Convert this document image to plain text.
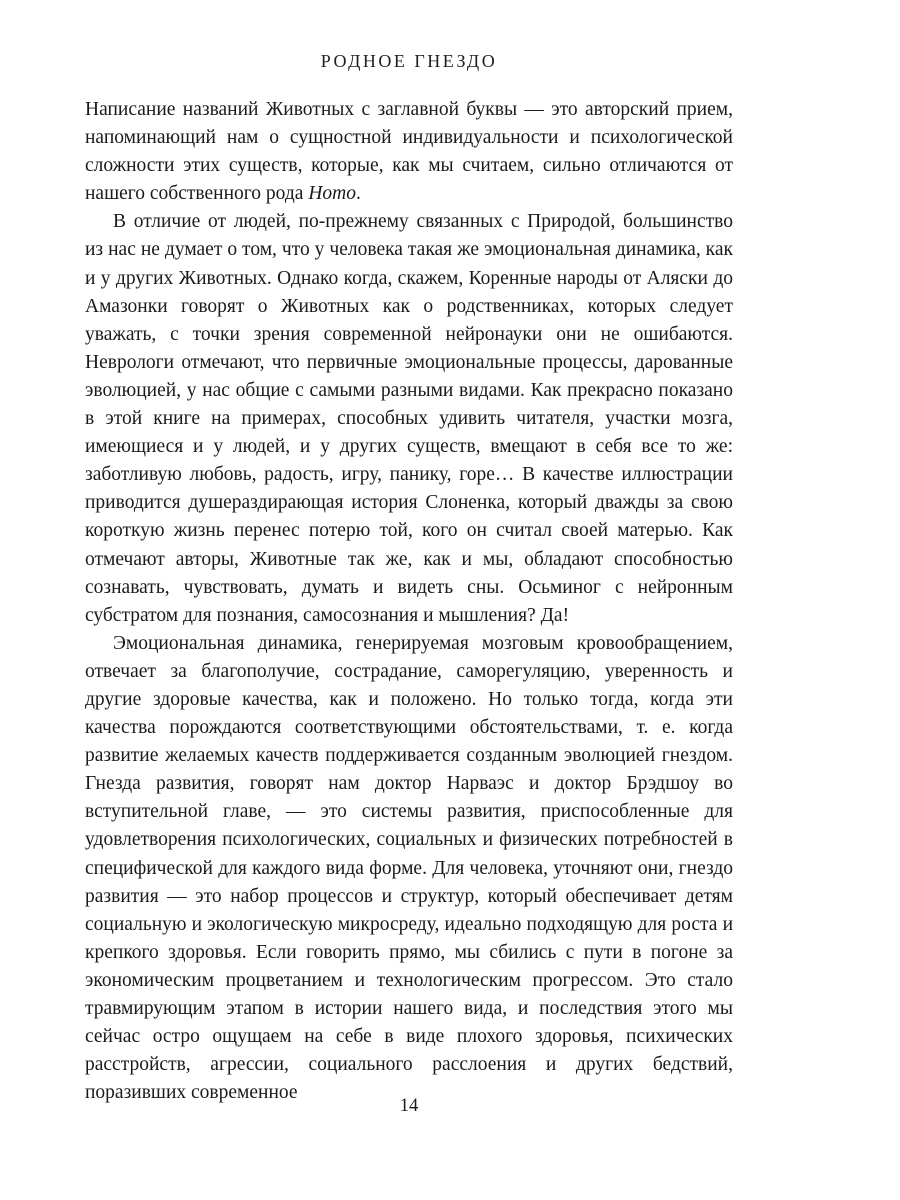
РОДНОЕ ГНЕЗДО

Написание названий Животных с заглавной буквы — это авторский прием, напоминающий нам о сущностной индивидуальности и психологической сложности этих существ, которые, как мы считаем, сильно отличаются от нашего собственного рода Homo.

В отличие от людей, по-прежнему связанных с Природой, большинство из нас не думает о том, что у человека такая же эмоциональная динамика, как и у других Животных. Однако когда, скажем, Коренные народы от Аляски до Амазонки говорят о Животных как о родственниках, которых следует уважать, с точки зрения современной нейронауки они не ошибаются. Неврологи отмечают, что первичные эмоциональные процессы, дарованные эволюцией, у нас общие с самыми разными видами. Как прекрасно показано в этой книге на примерах, способных удивить читателя, участки мозга, имеющиеся и у людей, и у других существ, вмещают в себя все то же: заботливую любовь, радость, игру, панику, горе… В качестве иллюстрации приводится душераздирающая история Слоненка, который дважды за свою короткую жизнь перенес потерю той, кого он считал своей матерью. Как отмечают авторы, Животные так же, как и мы, обладают способностью сознавать, чувствовать, думать и видеть сны. Осьминог с нейронным субстратом для познания, самосознания и мышления? Да!

Эмоциональная динамика, генерируемая мозговым кровообращением, отвечает за благополучие, сострадание, саморегуляцию, уверенность и другие здоровые качества, как и положено. Но только тогда, когда эти качества порождаются соответствующими обстоятельствами, т. е. когда развитие желаемых качеств поддерживается созданным эволюцией гнездом. Гнезда развития, говорят нам доктор Нарваэс и доктор Брэдшоу во вступительной главе, — это системы развития, приспособленные для удовлетворения психологических, социальных и физических потребностей в специфической для каждого вида форме. Для человека, уточняют они, гнездо развития — это набор процессов и структур, который обеспечивает детям социальную и экологическую микросреду, идеально подходящую для роста и крепкого здоровья. Если говорить прямо, мы сбились с пути в погоне за экономическим процветанием и технологическим прогрессом. Это стало травмирующим этапом в истории нашего вида, и последствия этого мы сейчас остро ощущаем на себе в виде плохого здоровья, психических расстройств, агрессии, социального расслоения и других бедствий, поразивших современное

14
